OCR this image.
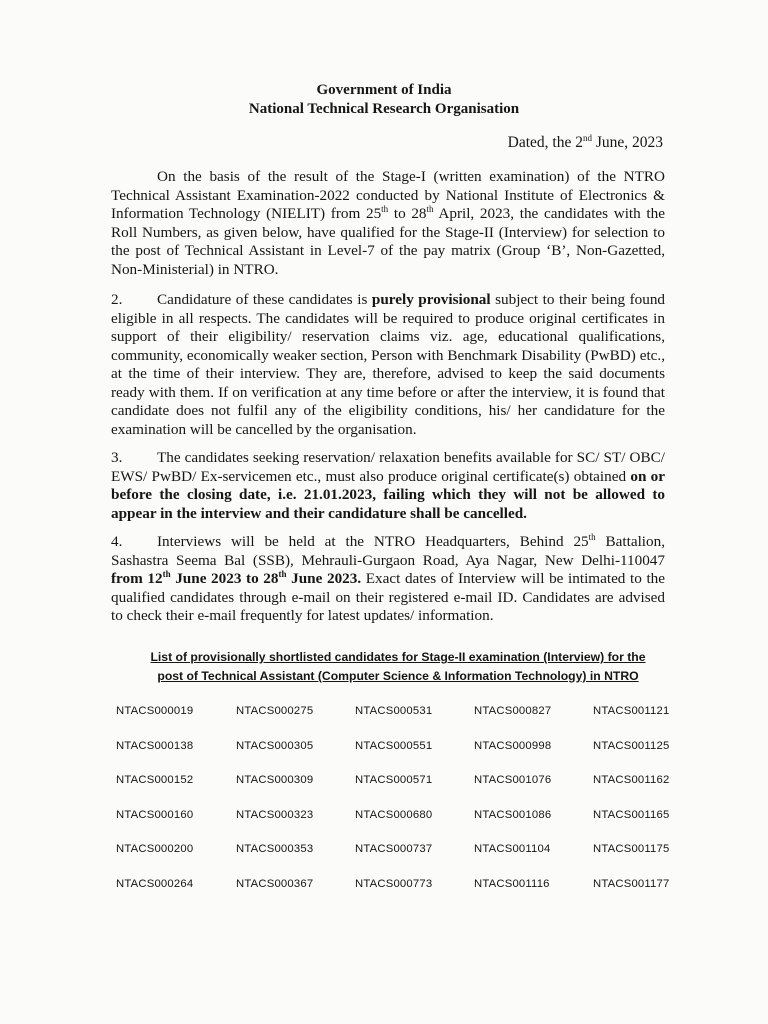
Government of India
National Technical Research Organisation
Dated, the 2nd June, 2023

On the basis of the result of the Stage-I (written examination) of the NTRO Technical Assistant Examination-2022 conducted by National Institute of Electronics & Information Technology (NIELIT) from 25th to 28th April, 2023, the candidates with the Roll Numbers, as given below, have qualified for the Stage-II (Interview) for selection to the post of Technical Assistant in Level-7 of the pay matrix (Group ‘B’, Non-Gazetted, Non-Ministerial) in NTRO.

2. Candidature of these candidates is purely provisional subject to their being found eligible in all respects. The candidates will be required to produce original certificates in support of their eligibility/ reservation claims viz. age, educational qualifications, community, economically weaker section, Person with Benchmark Disability (PwBD) etc., at the time of their interview. They are, therefore, advised to keep the said documents ready with them. If on verification at any time before or after the interview, it is found that candidate does not fulfil any of the eligibility conditions, his/ her candidature for the examination will be cancelled by the organisation.

3. The candidates seeking reservation/ relaxation benefits available for SC/ ST/ OBC/ EWS/ PwBD/ Ex-servicemen etc., must also produce original certificate(s) obtained on or before the closing date, i.e. 21.01.2023, failing which they will not be allowed to appear in the interview and their candidature shall be cancelled.

4. Interviews will be held at the NTRO Headquarters, Behind 25th Battalion, Sashastra Seema Bal (SSB), Mehrauli-Gurgaon Road, Aya Nagar, New Delhi-110047 from 12th June 2023 to 28th June 2023. Exact dates of Interview will be intimated to the qualified candidates through e-mail on their registered e-mail ID. Candidates are advised to check their e-mail frequently for latest updates/ information.

List of provisionally shortlisted candidates for Stage-II examination (Interview) for the
post of Technical Assistant (Computer Science & Information Technology) in NTRO
NTACS000019	NTACS000275	NTACS000531	NTACS000827	NTACS001121
NTACS000138	NTACS000305	NTACS000551	NTACS000998	NTACS001125
NTACS000152	NTACS000309	NTACS000571	NTACS001076	NTACS001162
NTACS000160	NTACS000323	NTACS000680	NTACS001086	NTACS001165
NTACS000200	NTACS000353	NTACS000737	NTACS001104	NTACS001175
NTACS000264	NTACS000367	NTACS000773	NTACS001116	NTACS001177
